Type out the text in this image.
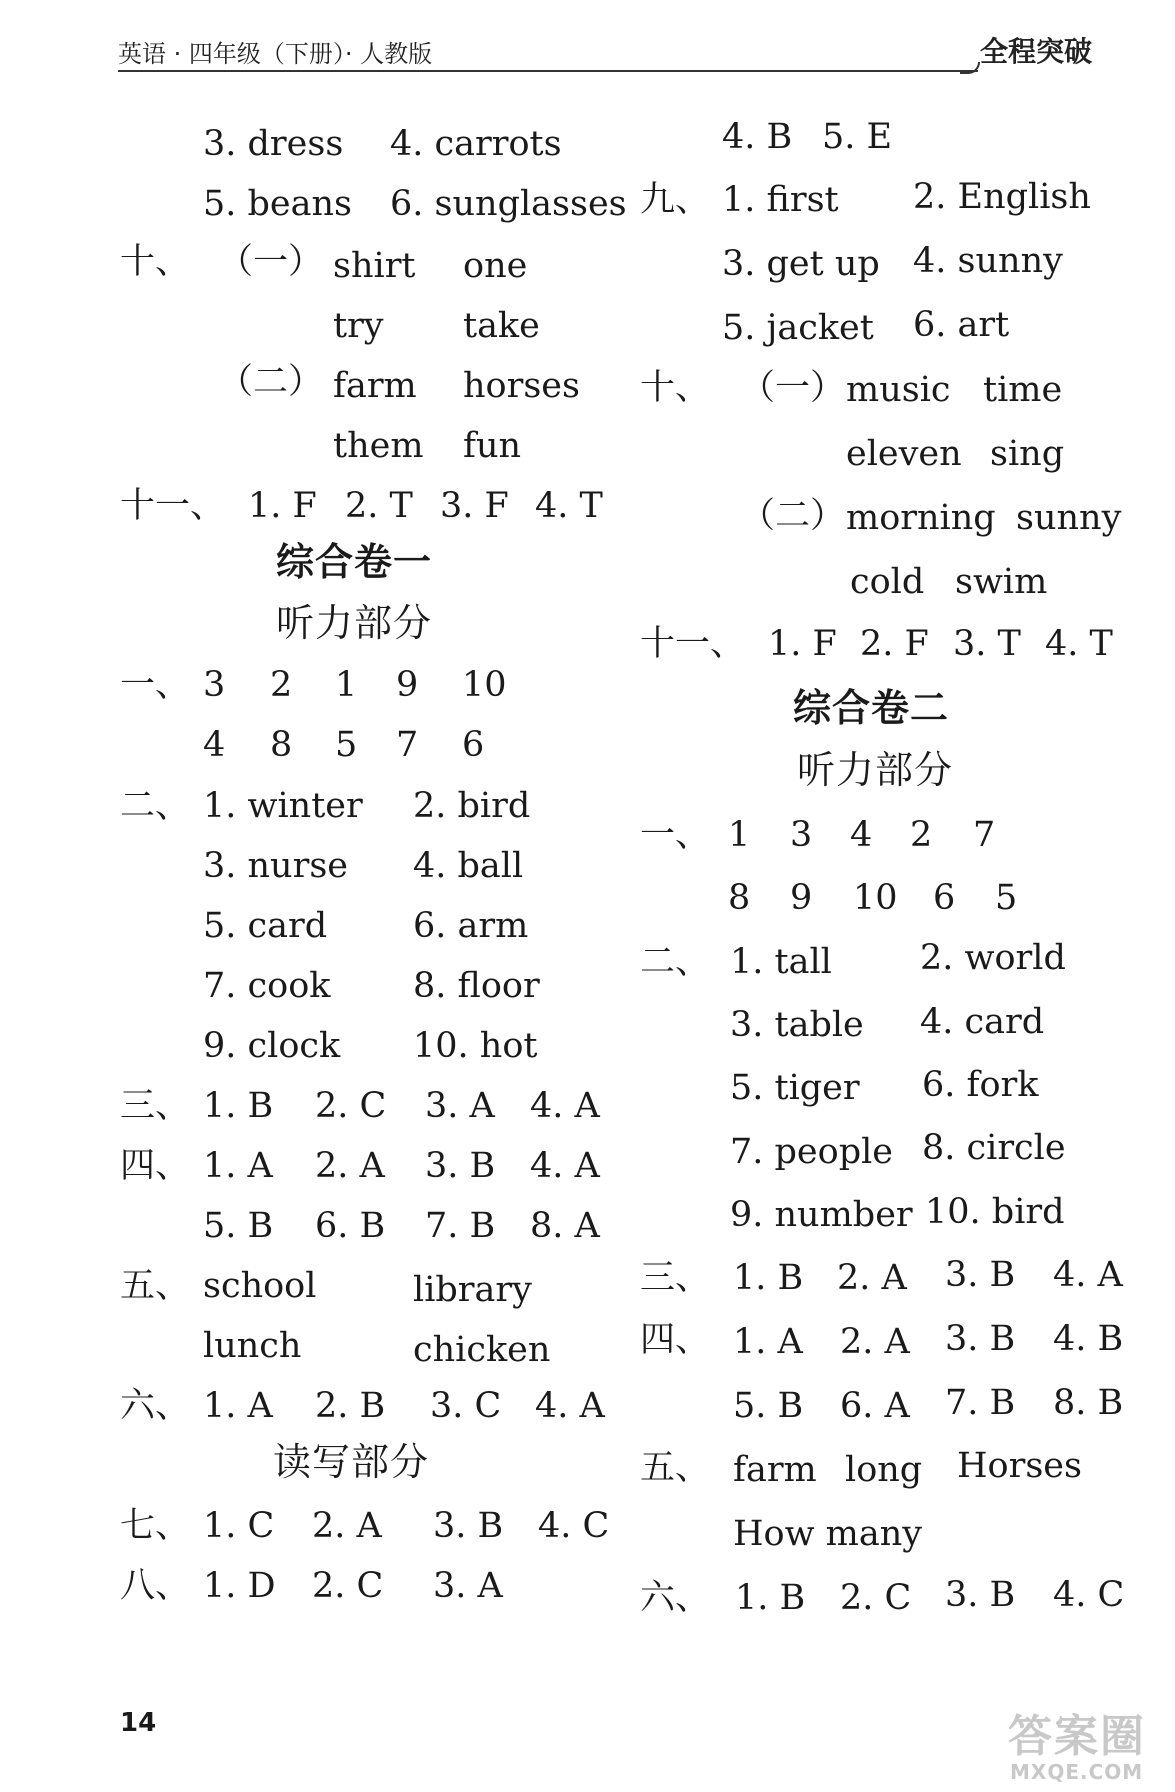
英语 · 四年级（下册）· 人教版	全程突破
3. dress 4. carrots
5. beans 6. sunglasses
十、 （一） shirt one
try take
（二） farm horses
them fun
十一、 1. F 2. T 3. F 4. T
综合卷一
听力部分
一、 3 2 1 9 10
4 8 5 7 6
二、 1. winter 2. bird
3. nurse 4. ball
5. card 6. arm
7. cook 8. floor
9. clock 10. hot
三、 1. B 2. C 3. A 4. A
四、 1. A 2. A 3. B 4. A
5. B 6. B 7. B 8. A
五、 school	library
lunch	chicken
六、 1. A 2. B 3. C 4. A
读写部分
七、 1. C 2. A 3. B 4. C
八、 1. D 2. C 3. A
4. B 5. E
九、 1. first 2. English
3. get up 4. sunny
5. jacket 6. art
十、 （一） music time
eleven sing
（二） morning sunny
cold swim
十一、 1. F 2. F 3. T 4. T
综合卷二
听力部分
一、 1 3 4 2 7
8 9 10 6 5
二、 1. tall	2. world
3. table 4. card
5. tiger 6. fork
7. people 8. circle
9. number 10. bird
三、 1. B 2. A 3. B 4. A
四、 1. A 2. A 3. B 4. B
5. B 6. A 7. B 8. B
五、 farm long Horses
How many
六、 1. B 2. C 3. B 4. C
14	答案圈
MXQE.COM
